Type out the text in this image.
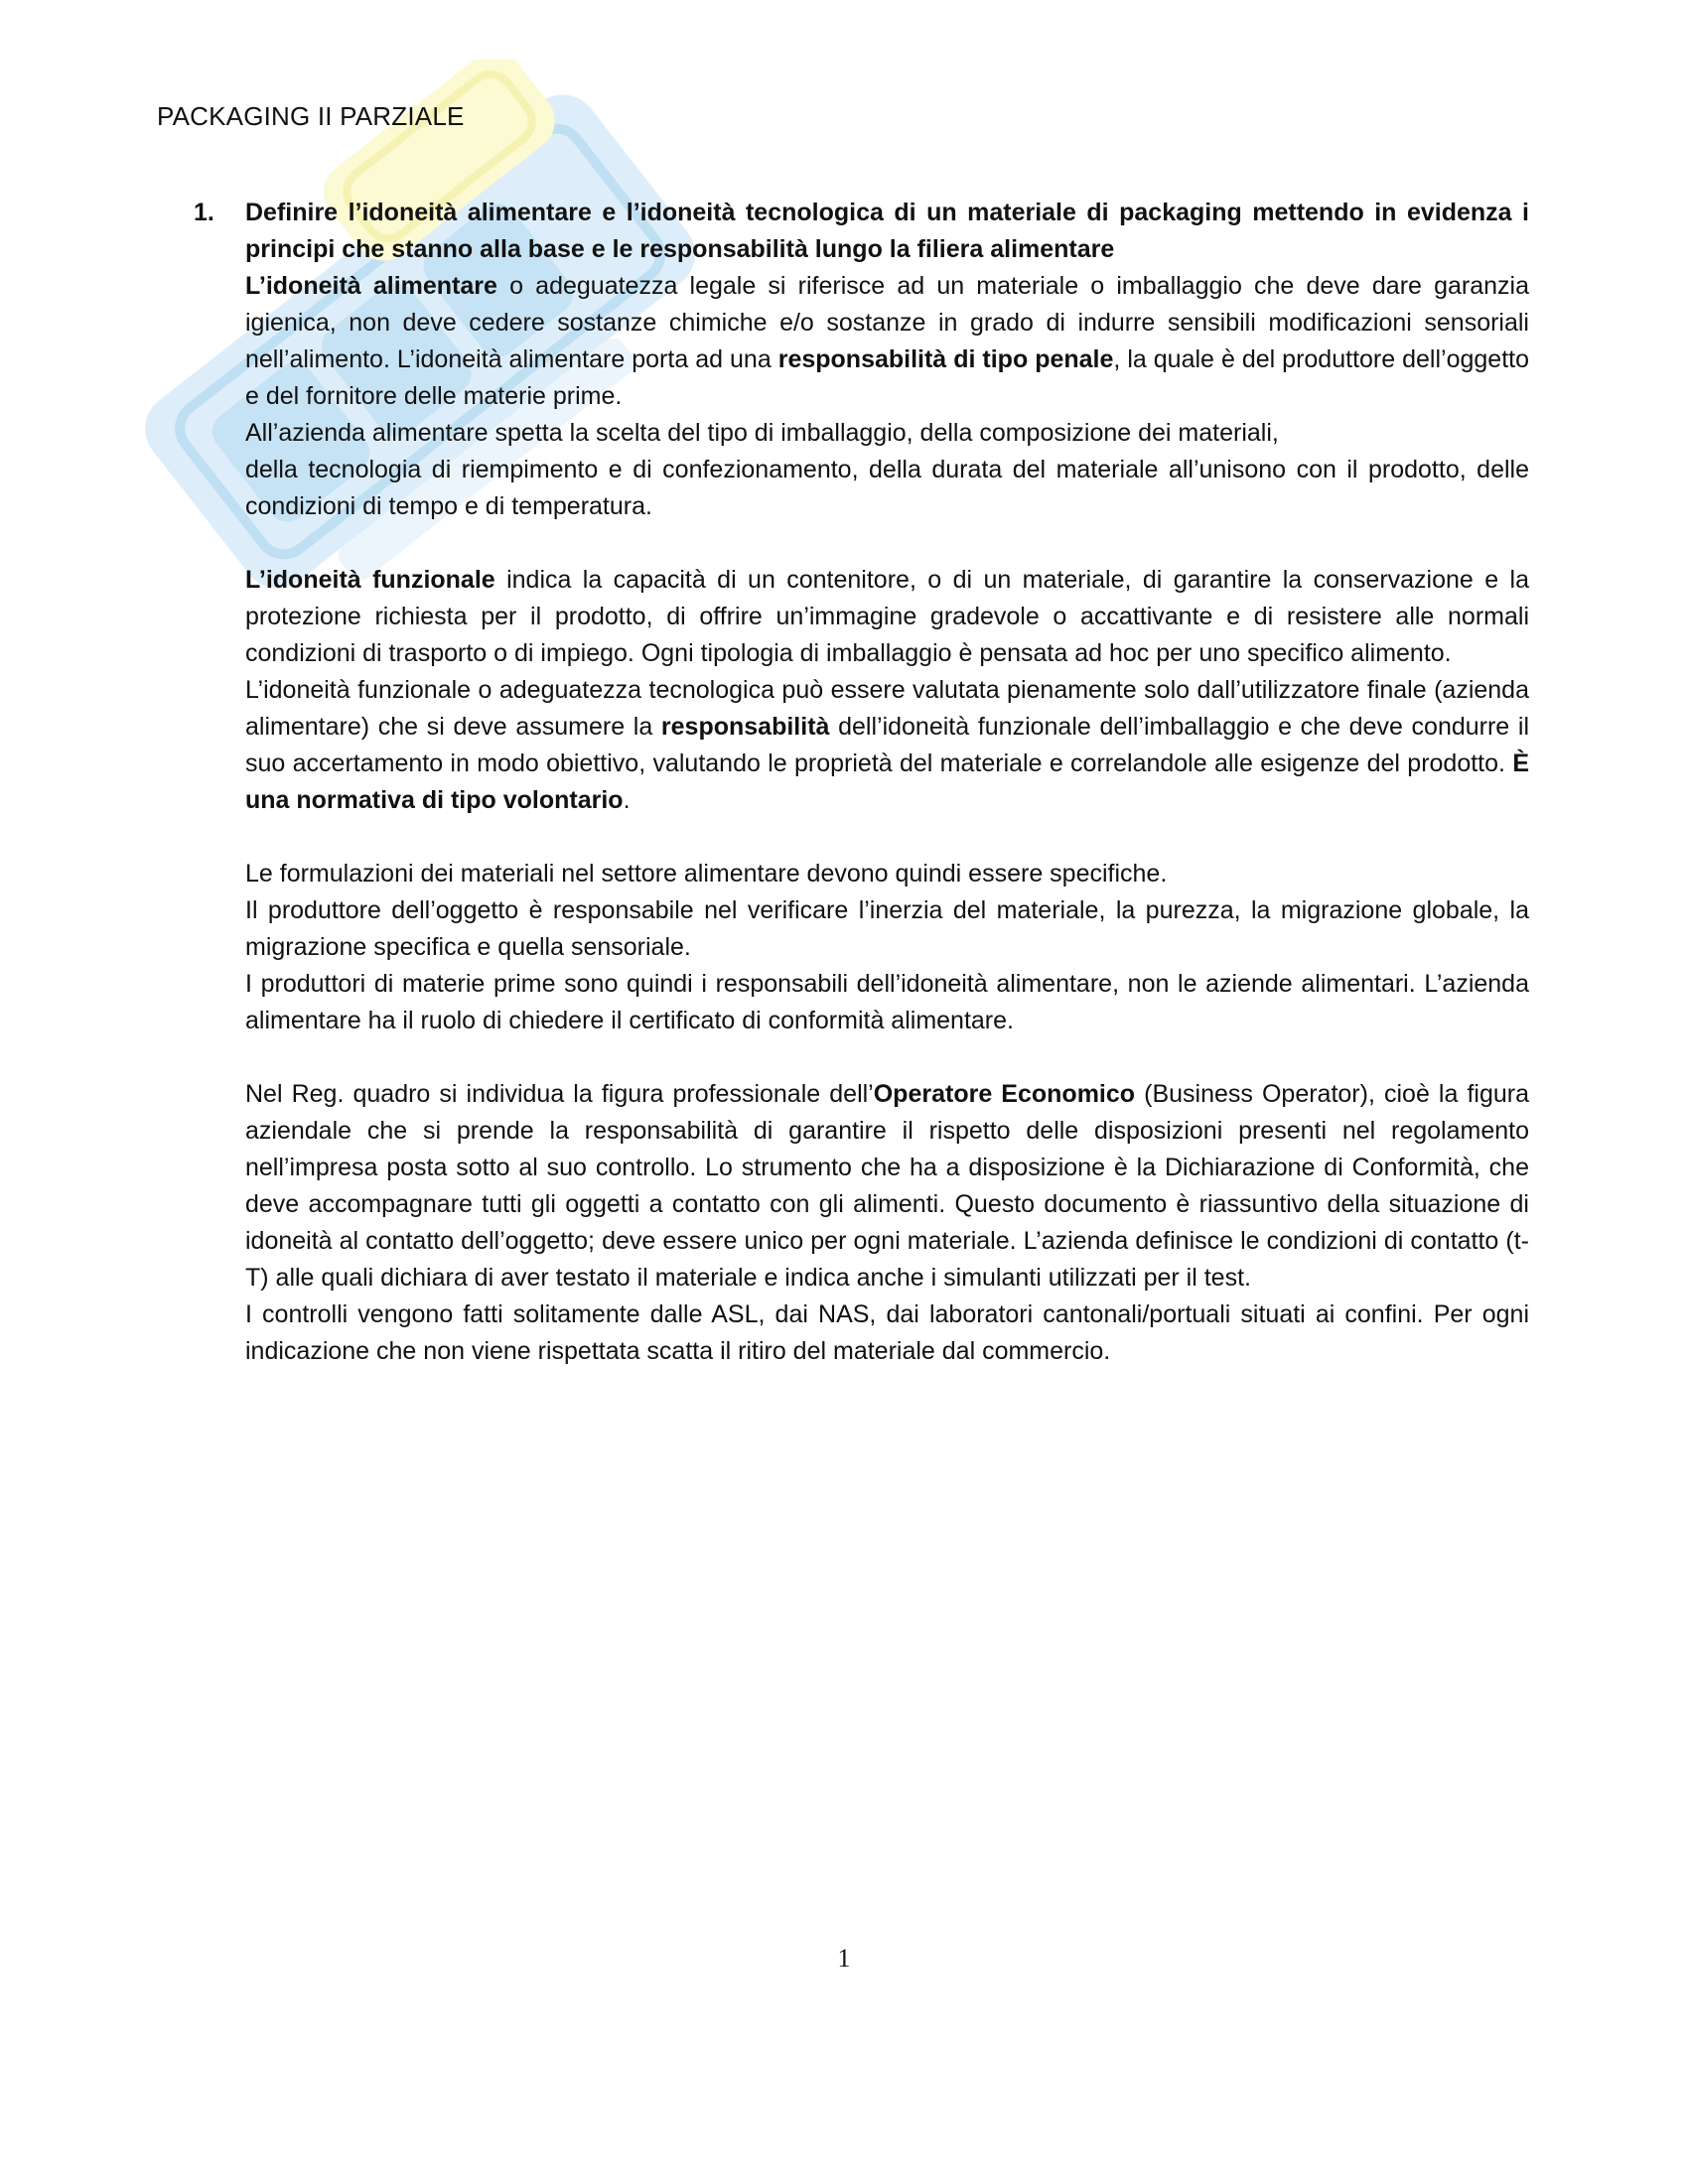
PACKAGING II PARZIALE
1.	Definire l’idoneità alimentare e l’idoneità tecnologica di un materiale di packaging mettendo in evidenza i principi che stanno alla base e le responsabilità lungo la filiera alimentare

L’idoneità alimentare o adeguatezza legale si riferisce ad un materiale o imballaggio che deve dare garanzia igienica, non deve cedere sostanze chimiche e/o sostanze in grado di indurre sensibili modificazioni sensoriali nell’alimento. L’idoneità alimentare porta ad una responsabilità di tipo penale, la quale è del produttore dell’oggetto e del fornitore delle materie prime.

All’azienda alimentare spetta la scelta del tipo di imballaggio, della composizione dei materiali,

della tecnologia di riempimento e di confezionamento, della durata del materiale all’unisono con il prodotto, delle condizioni di tempo e di temperatura.

L’idoneità funzionale indica la capacità di un contenitore, o di un materiale, di garantire la conservazione e la protezione richiesta per il prodotto, di offrire un’immagine gradevole o accattivante e di resistere alle normali condizioni di trasporto o di impiego. Ogni tipologia di imballaggio è pensata ad hoc per uno specifico alimento.

L’idoneità funzionale o adeguatezza tecnologica può essere valutata pienamente solo dall’utilizzatore finale (azienda alimentare) che si deve assumere la responsabilità dell’idoneità funzionale dell’imballaggio e che deve condurre il suo accertamento in modo obiettivo, valutando le proprietà del materiale e correlandole alle esigenze del prodotto. È una normativa di tipo volontario.

Le formulazioni dei materiali nel settore alimentare devono quindi essere specifiche.

Il produttore dell’oggetto è responsabile nel verificare l’inerzia del materiale, la purezza, la migrazione globale, la migrazione specifica e quella sensoriale.

I produttori di materie prime sono quindi i responsabili dell’idoneità alimentare, non le aziende alimentari. L’azienda alimentare ha il ruolo di chiedere il certificato di conformità alimentare.

Nel Reg. quadro si individua la figura professionale dell’Operatore Economico (Business Operator), cioè la figura aziendale che si prende la responsabilità di garantire il rispetto delle disposizioni presenti nel regolamento nell’impresa posta sotto al suo controllo. Lo strumento che ha a disposizione è la Dichiarazione di Conformità, che deve accompagnare tutti gli oggetti a contatto con gli alimenti. Questo documento è riassuntivo della situazione di idoneità al contatto dell’oggetto; deve essere unico per ogni materiale. L’azienda definisce le condizioni di contatto (t-T) alle quali dichiara di aver testato il materiale e indica anche i simulanti utilizzati per il test.

I controlli vengono fatti solitamente dalle ASL, dai NAS, dai laboratori cantonali/portuali situati ai confini. Per ogni indicazione che non viene rispettata scatta il ritiro del materiale dal commercio.

1
